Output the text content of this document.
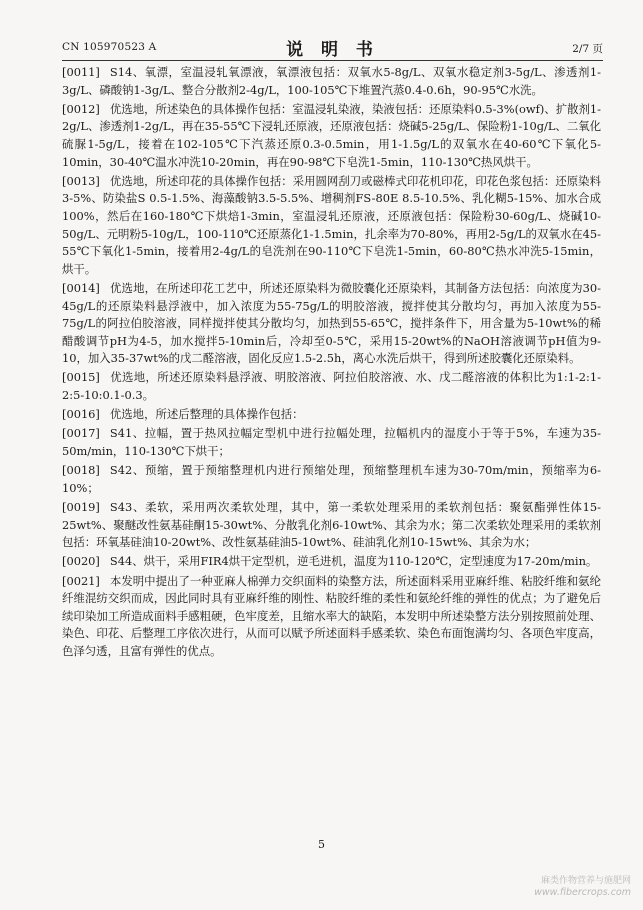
CN 105970523 A	说 明 书	2/7 页

[0011] S14、氧漂，室温浸轧氧漂液，氧漂液包括：双氧水5-8g/L、双氧水稳定剂3-5g/L、渗透剂1-3g/L、磷酸钠1-3g/L、整合分散剂2-4g/L，100-105℃下堆置汽蒸0.4-0.6h，90-95℃水洗。

[0012] 优选地，所述染色的具体操作包括：室温浸轧染液，染液包括：还原染料0.5-3%(owf)、扩散剂1-2g/L、渗透剂1-2g/L，再在35-55℃下浸轧还原液，还原液包括：烧碱5-25g/L、保险粉1-10g/L、二氧化硫脲1-5g/L，接着在102-105℃下汽蒸还原0.3-0.5min，用1-1.5g/L的双氧水在40-60℃下氧化5-10min，30-40℃温水冲洗10-20min，再在90-98℃下皂洗1-5min，110-130℃热风烘干。

[0013] 优选地，所述印花的具体操作包括：采用圆网刮刀或磁棒式印花机印花，印花色浆包括：还原染料3-5%、防染盐S 0.5-1.5%、海藻酸钠3.5-5.5%、增稠剂FS-80E 8.5-10.5%、乳化糊5-15%、加水合成100%，然后在160-180℃下烘焙1-3min，室温浸轧还原液，还原液包括：保险粉30-60g/L、烧碱10-50g/L、元明粉5-10g/L，100-110℃还原蒸化1-1.5min，扎余率为70-80%，再用2-5g/L的双氧水在45-55℃下氧化1-5min，接着用2-4g/L的皂洗剂在90-110℃下皂洗1-5min，60-80℃热水冲洗5-15min，烘干。

[0014] 优选地，在所述印花工艺中，所述还原染料为微胶囊化还原染料，其制备方法包括：向浓度为30-45g/L的还原染料悬浮液中，加入浓度为55-75g/L的明胶溶液，搅拌使其分散均匀，再加入浓度为55-75g/L的阿拉伯胶溶液，同样搅拌使其分散均匀，加热到55-65℃，搅拌条件下，用含量为5-10wt%的稀醋酸调节pH为4-5，加水搅拌5-10min后，冷却至0-5℃，采用15-20wt%的NaOH溶液调节pH值为9-10，加入35-37wt%的戊二醛溶液，固化反应1.5-2.5h，离心水洗后烘干，得到所述胶囊化还原染料。

[0015] 优选地，所述还原染料悬浮液、明胶溶液、阿拉伯胶溶液、水、戊二醛溶液的体积比为1:1-2:1-2:5-10:0.1-0.3。

[0016] 优选地，所述后整理的具体操作包括：

[0017] S41、拉幅，置于热风拉幅定型机中进行拉幅处理，拉幅机内的湿度小于等于5%，车速为35-50m/min，110-130℃下烘干；

[0018] S42、预缩，置于预缩整理机内进行预缩处理，预缩整理机车速为30-70m/min，预缩率为6-10%；

[0019] S43、柔软，采用两次柔软处理，其中，第一柔软处理采用的柔软剂包括：聚氨酯弹性体15-25wt%、聚醚改性氨基硅酮15-30wt%、分散乳化剂6-10wt%、其余为水；第二次柔软处理采用的柔软剂包括：环氧基硅油10-20wt%、改性氨基硅油5-10wt%、硅油乳化剂10-15wt%、其余为水；

[0020] S44、烘干，采用FIR4烘干定型机，逆毛进机，温度为110-120℃，定型速度为17-20m/min。

[0021] 本发明中提出了一种亚麻人棉弹力交织面料的染整方法，所述面料采用亚麻纤维、粘胶纤维和氨纶纤维混纺交织而成，因此同时具有亚麻纤维的刚性、粘胶纤维的柔性和氨纶纤维的弹性的优点；为了避免后续印染加工所造成面料手感粗硬，色牢度差，且缩水率大的缺陷，本发明中所述染整方法分别按照前处理、染色、印花、后整理工序依次进行，从而可以赋予所述面料手感柔软、染色布面饱满均匀、各项色牢度高，色泽匀透，且富有弹性的优点。

5
麻类作物营养与施肥网
www.fibercrops.com
